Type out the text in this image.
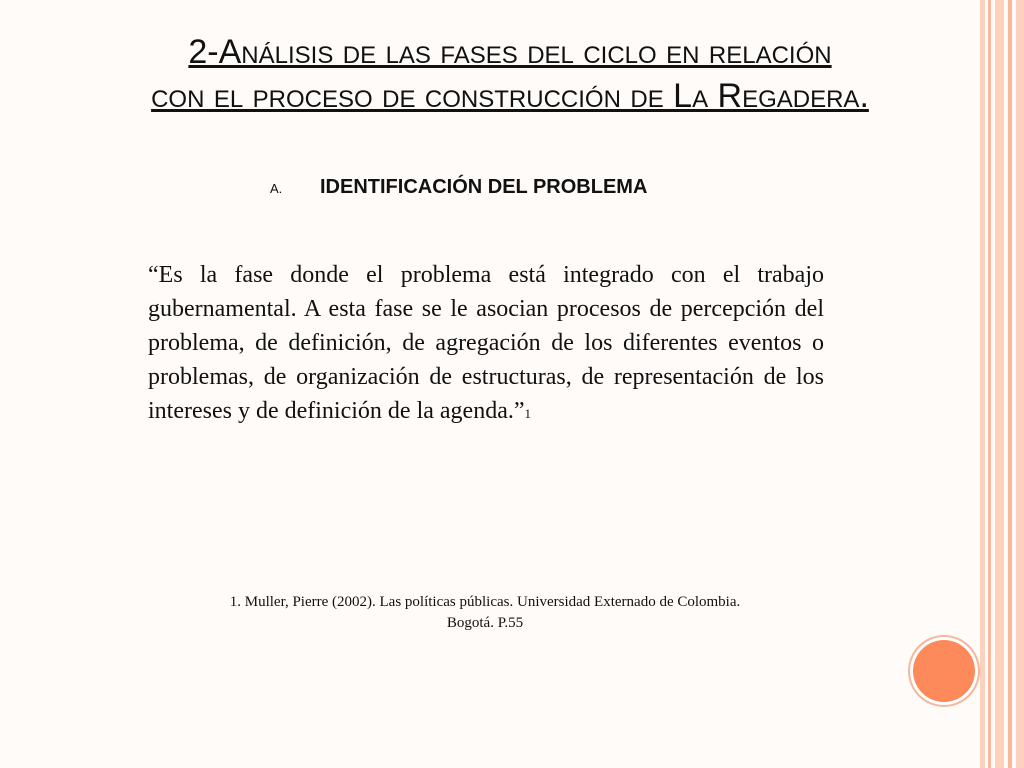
2-Análisis de las fases del ciclo en relación
con el proceso de construcción de La Regadera.
A. IDENTIFICACIÓN DEL PROBLEMA
“Es la fase donde el problema está integrado con el trabajo gubernamental. A esta fase se le asocian procesos de percepción del problema, de definición, de agregación de los diferentes eventos o problemas, de organización de estructuras, de representación de los intereses y de definición de la agenda.”1
1. Muller, Pierre (2002). Las políticas públicas. Universidad Externado de Colombia.
Bogotá. P.55
